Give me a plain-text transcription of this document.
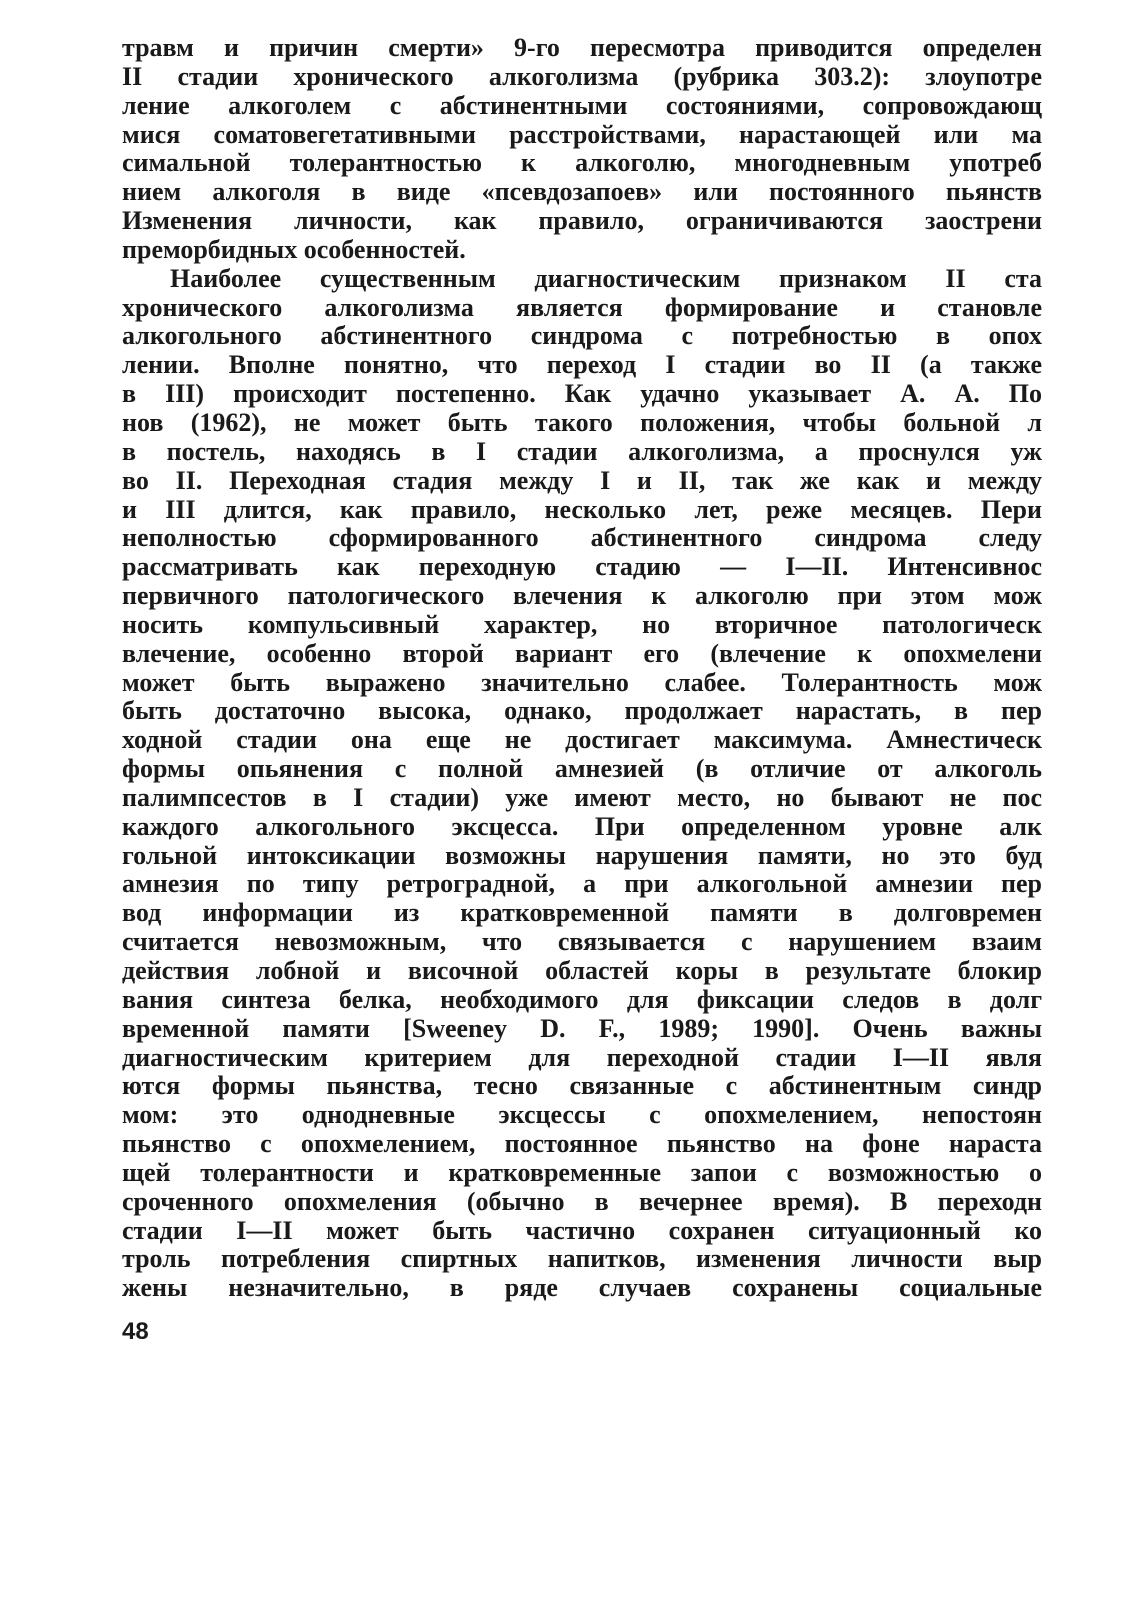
травм и причин смерти» 9-го пересмотра приводится определен
II стадии хронического алкоголизма (рубрика 303.2): злоупотре
ление алкоголем с абстинентными состояниями, сопровождающ
мися соматовегетативными расстройствами, нарастающей или ма
симальной толерантностью к алкоголю, многодневным употреб
нием алкоголя в виде «псевдозапоев» или постоянного пьянств
Изменения личности, как правило, ограничиваются заострени
преморбидных особенностей.
Наиболее существенным диагностическим признаком II ста
хронического алкоголизма является формирование и становле
алкогольного абстинентного синдрома с потребностью в опох
лении. Вполне понятно, что переход I стадии во II (а также
в III) происходит постепенно. Как удачно указывает А. А. По
нов (1962), не может быть такого положения, чтобы больной л
в постель, находясь в I стадии алкоголизма, а проснулся уж
во II. Переходная стадия между I и II, так же как и между
и III длится, как правило, несколько лет, реже месяцев. Пери
неполностью сформированного абстинентного синдрома следу
рассматривать как переходную стадию — I—II. Интенсивнос
первичного патологического влечения к алкоголю при этом мож
носить компульсивный характер, но вторичное патологическ
влечение, особенно второй вариант его (влечение к опохмелени
может быть выражено значительно слабее. Толерантность мож
быть достаточно высока, однако, продолжает нарастать, в пер
ходной стадии она еще не достигает максимума. Амнестическ
формы опьянения с полной амнезией (в отличие от алкоголь
палимпсестов в I стадии) уже имеют место, но бывают не пос
каждого алкогольного эксцесса. При определенном уровне алк
гольной интоксикации возможны нарушения памяти, но это буд
амнезия по типу ретроградной, а при алкогольной амнезии пер
вод информации из кратковременной памяти в долговремен
считается невозможным, что связывается с нарушением взаим
действия лобной и височной областей коры в результате блокир
вания синтеза белка, необходимого для фиксации следов в долг
временной памяти [Sweeney D. F., 1989; 1990]. Очень важны
диагностическим критерием для переходной стадии I—II явля
ются формы пьянства, тесно связанные с абстинентным синдр
мом: это однодневные эксцессы с опохмелением, непостоян
пьянство с опохмелением, постоянное пьянство на фоне нараста
щей толерантности и кратковременные запои с возможностью о
сроченного опохмеления (обычно в вечернее время). В переходн
стадии I—II может быть частично сохранен ситуационный ко
троль потребления спиртных напитков, изменения личности выр
жены незначительно, в ряде случаев сохранены социальные
48
